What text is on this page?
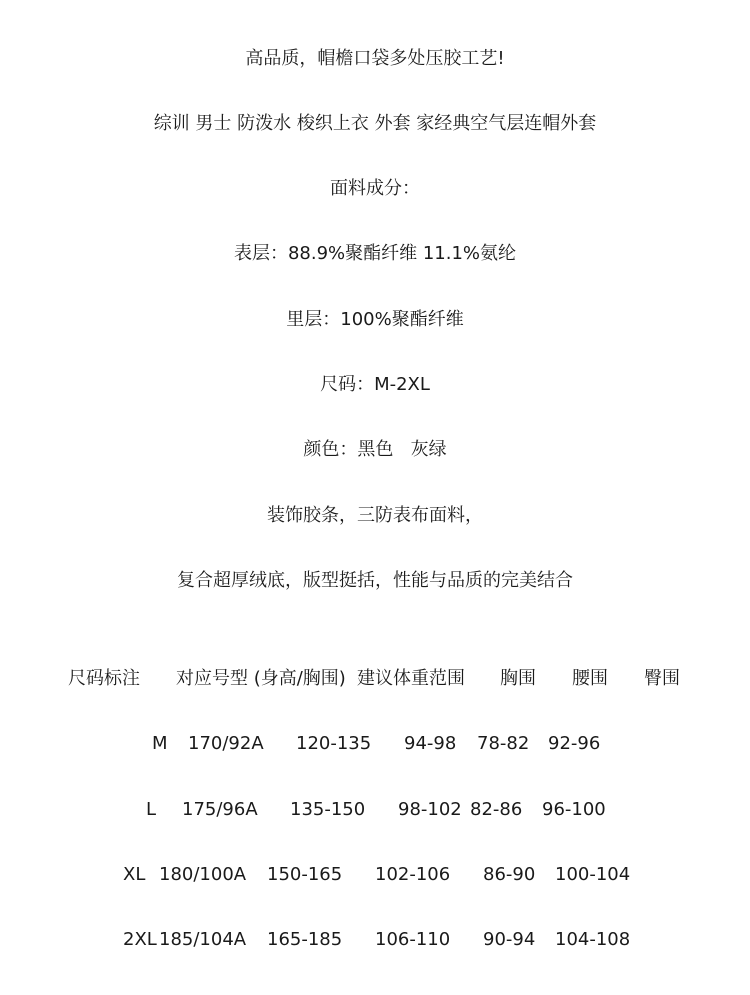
高品质，帽檐口袋多处压胶工艺!
综训 男士 防泼水 梭织上衣 外套 家经典空气层连帽外套
面料成分：
表层：88.9%聚酯纤维 11.1%氨纶
里层：100%聚酯纤维
尺码：M-2XL
颜色：黑色   灰绿
装饰胶条，三防表布面料，
复合超厚绒底，版型挺括，性能与品质的完美结合
尺码标注 对应号型 (身高/胸围) 建议体重范围 胸围 腰围 臀围
M 170/92A 120-135 94-98 78-82 92-96
L 175/96A 135-150 98-102 82-86 96-100
XL 180/100A 150-165 102-106 86-90 100-104
2XL 185/104A 165-185 106-110 90-94 104-108
